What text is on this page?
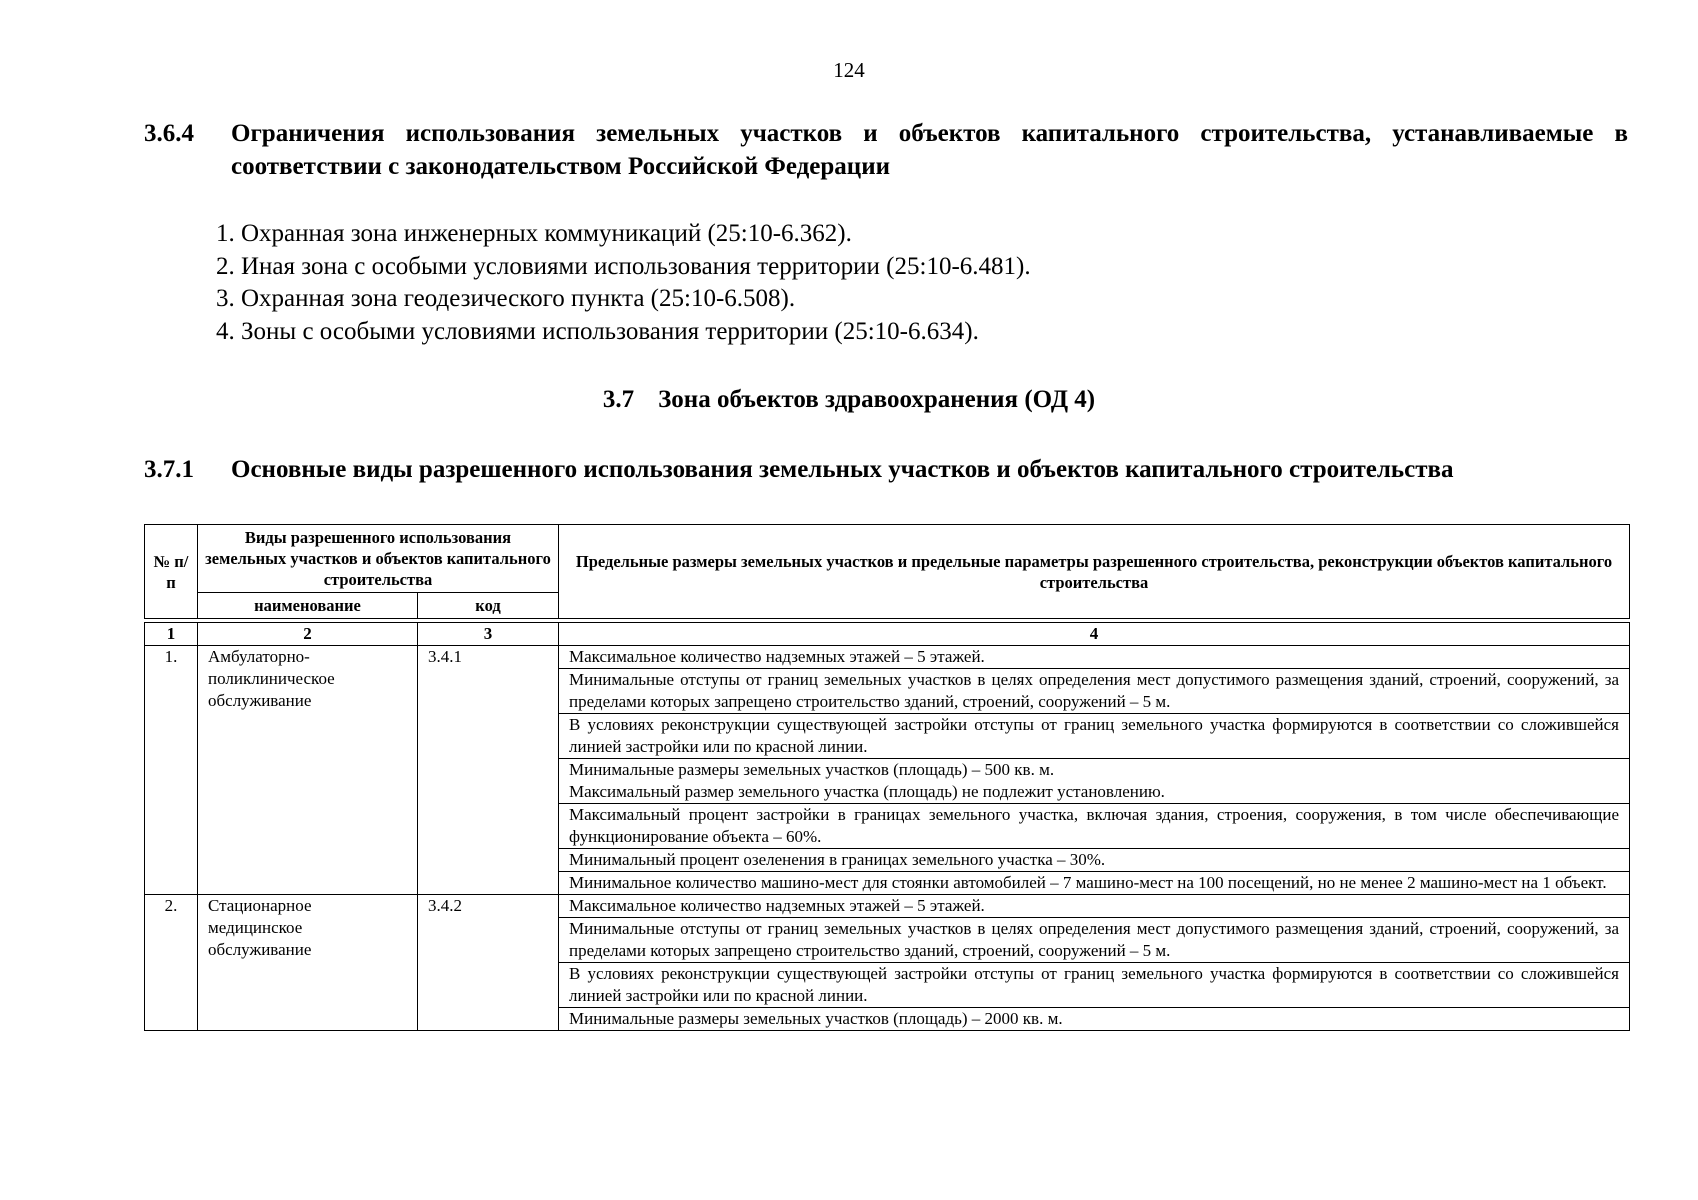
124
3.6.4 Ограничения использования земельных участков и объектов капитального строительства, устанавливаемые в соответствии с законодательством Российской Федерации
1. Охранная зона инженерных коммуникаций (25:10-6.362).
2. Иная зона с особыми условиями использования территории (25:10-6.481).
3. Охранная зона геодезического пункта (25:10-6.508).
4. Зоны с особыми условиями использования территории (25:10-6.634).
3.7 Зона объектов здравоохранения (ОД 4)
3.7.1 Основные виды разрешенного использования земельных участков и объектов капитального строительства
№ п/п	Виды разрешенного использования земельных участков и объектов капитального строительства		Предельные размеры земельных участков и предельные параметры разрешенного строительства, реконструкции объектов капитального строительства
	наименование	код	

1	2	3	4
1.	Амбулаторно-поликлиническое обслуживание	3.4.1	Максимальное количество надземных этажей – 5 этажей.
			Минимальные отступы от границ земельных участков в целях определения мест допустимого размещения зданий, строений, сооружений, за пределами которых запрещено строительство зданий, строений, сооружений – 5 м.
			В условиях реконструкции существующей застройки отступы от границ земельного участка формируются в соответствии со сложившейся линией застройки или по красной линии.

			Минимальные размеры земельных участков (площадь) – 500 кв. м.
Максимальный размер земельного участка (площадь) не подлежит установлению.

			Максимальный процент застройки в границах земельного участка, включая здания, строения, сооружения, в том числе обеспечивающие функционирование объекта – 60%.
			Минимальный процент озеленения в границах земельного участка – 30%.
			Минимальное количество машино-мест для стоянки автомобилей – 7 машино-мест на 100 посещений, но не менее 2 машино-мест на 1 объект.
2.	Стационарное медицинское обслуживание	3.4.2	Максимальное количество надземных этажей – 5 этажей.
			Минимальные отступы от границ земельных участков в целях определения мест допустимого размещения зданий, строений, сооружений, за пределами которых запрещено строительство зданий, строений, сооружений – 5 м.
			В условиях реконструкции существующей застройки отступы от границ земельного участка формируются в соответствии со сложившейся линией застройки или по красной линии.
			Минимальные размеры земельных участков (площадь) – 2000 кв. м.
